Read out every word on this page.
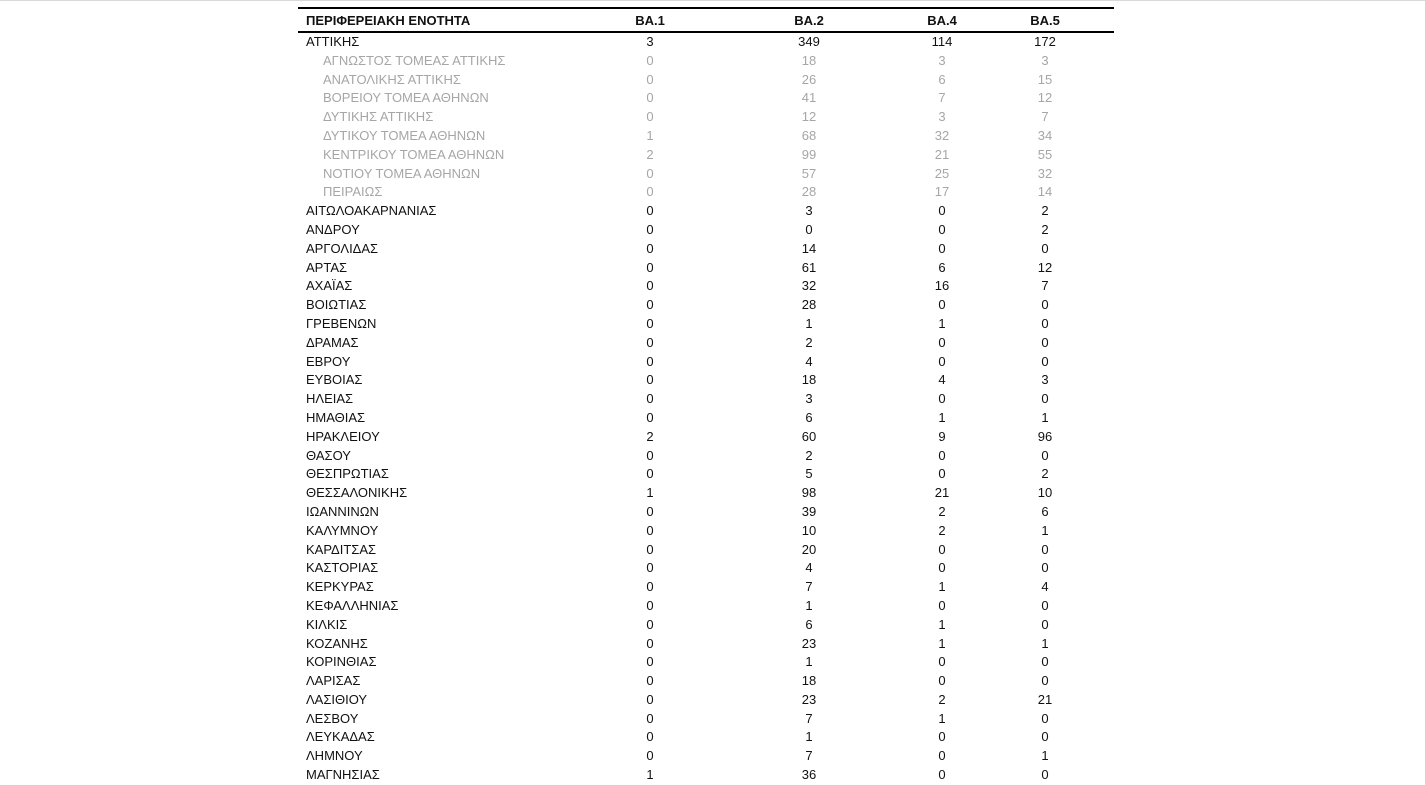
ΠΕΡΙΦΕΡΕΙΑΚΗ ΕΝΟΤΗΤΑ	BA.1	BA.2	BA.4	BA.5
ΑΤΤΙΚΗΣ	3	349	114	172
ΑΓΝΩΣΤΟΣ ΤΟΜΕΑΣ ΑΤΤΙΚΗΣ	0	18	3	3
ΑΝΑΤΟΛΙΚΗΣ ΑΤΤΙΚΗΣ	0	26	6	15
ΒΟΡΕΙΟΥ ΤΟΜΕΑ ΑΘΗΝΩΝ	0	41	7	12
ΔΥΤΙΚΗΣ ΑΤΤΙΚΗΣ	0	12	3	7
ΔΥΤΙΚΟΥ ΤΟΜΕΑ ΑΘΗΝΩΝ	1	68	32	34
ΚΕΝΤΡΙΚΟΥ ΤΟΜΕΑ ΑΘΗΝΩΝ	2	99	21	55
ΝΟΤΙΟΥ ΤΟΜΕΑ ΑΘΗΝΩΝ	0	57	25	32
ΠΕΙΡΑΙΩΣ	0	28	17	14
ΑΙΤΩΛΟΑΚΑΡΝΑΝΙΑΣ	0	3	0	2
ΑΝΔΡΟΥ	0	0	0	2
ΑΡΓΟΛΙΔΑΣ	0	14	0	0
ΑΡΤΑΣ	0	61	6	12
ΑΧΑΪΑΣ	0	32	16	7
ΒΟΙΩΤΙΑΣ	0	28	0	0
ΓΡΕΒΕΝΩΝ	0	1	1	0
ΔΡΑΜΑΣ	0	2	0	0
ΕΒΡΟΥ	0	4	0	0
ΕΥΒΟΙΑΣ	0	18	4	3
ΗΛΕΙΑΣ	0	3	0	0
ΗΜΑΘΙΑΣ	0	6	1	1
ΗΡΑΚΛΕΙΟΥ	2	60	9	96
ΘΑΣΟΥ	0	2	0	0
ΘΕΣΠΡΩΤΙΑΣ	0	5	0	2
ΘΕΣΣΑΛΟΝΙΚΗΣ	1	98	21	10
ΙΩΑΝΝΙΝΩΝ	0	39	2	6
ΚΑΛΥΜΝΟΥ	0	10	2	1
ΚΑΡΔΙΤΣΑΣ	0	20	0	0
ΚΑΣΤΟΡΙΑΣ	0	4	0	0
ΚΕΡΚΥΡΑΣ	0	7	1	4
ΚΕΦΑΛΛΗΝΙΑΣ	0	1	0	0
ΚΙΛΚΙΣ	0	6	1	0
ΚΟΖΑΝΗΣ	0	23	1	1
ΚΟΡΙΝΘΙΑΣ	0	1	0	0
ΛΑΡΙΣΑΣ	0	18	0	0
ΛΑΣΙΘΙΟΥ	0	23	2	21
ΛΕΣΒΟΥ	0	7	1	0
ΛΕΥΚΑΔΑΣ	0	1	0	0
ΛΗΜΝΟΥ	0	7	0	1
ΜΑΓΝΗΣΙΑΣ	1	36	0	0
